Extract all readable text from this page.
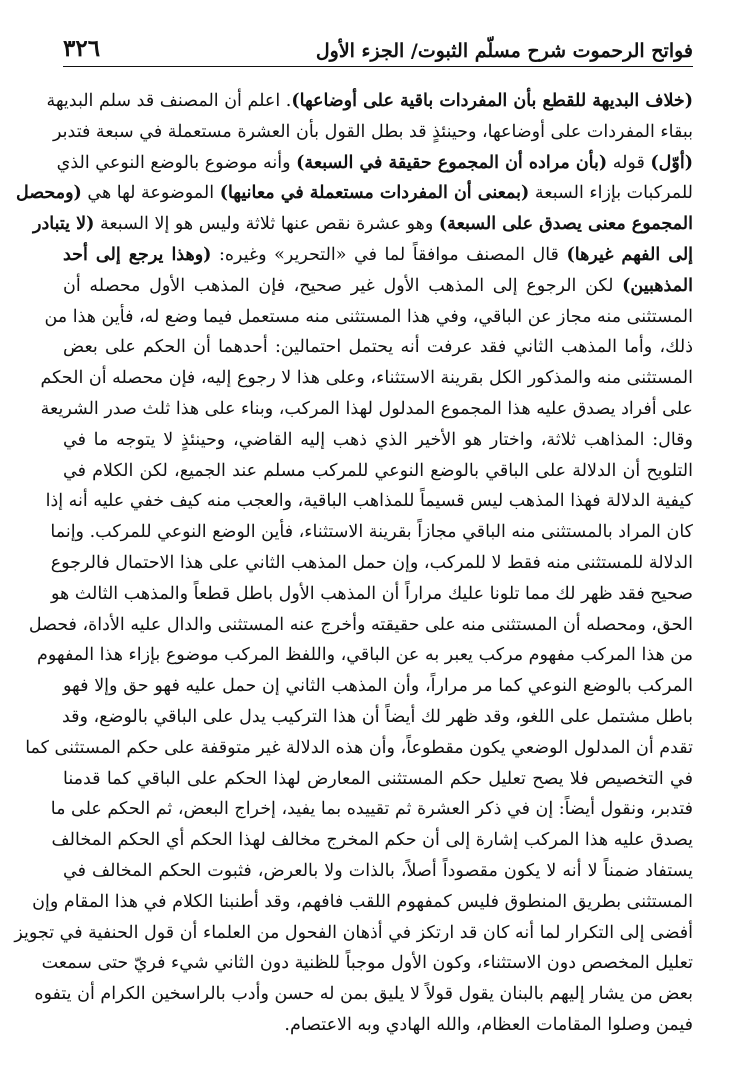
فواتح الرحموت شرح مسلّم الثبوت/ الجزء الأول
٣٢٦
(خلاف البديهة للقطع بأن المفردات باقية على أوضاعها). اعلم أن المصنف قد سلم البديهة
ببقاء المفردات على أوضاعها، وحينئذٍ قد بطل القول بأن العشرة مستعملة في سبعة فتدبر
(أوّل) قوله (بأن مراده أن المجموع حقيقة في السبعة) وأنه موضوع بالوضع النوعي الذي
للمركبات بإزاء السبعة (بمعنى أن المفردات مستعملة في معانيها) الموضوعة لها هي (ومحصل
المجموع معنى يصدق على السبعة) وهو عشرة نقص عنها ثلاثة وليس هو إلا السبعة (لا يتبادر
إلى الفهم غيرها) قال المصنف موافقاً لما في «التحرير» وغيره: (وهذا يرجع إلى أحد
المذهبين) لكن الرجوع إلى المذهب الأول غير صحيح، فإن المذهب الأول محصله أن
المستثنى منه مجاز عن الباقي، وفي هذا المستثنى منه مستعمل فيما وضع له، فأين هذا من
ذلك، وأما المذهب الثاني فقد عرفت أنه يحتمل احتمالين: أحدهما أن الحكم على بعض
المستثنى منه والمذكور الكل بقرينة الاستثناء، وعلى هذا لا رجوع إليه، فإن محصله أن الحكم
على أفراد يصدق عليه هذا المجموع المدلول لهذا المركب، وبناء على هذا ثلث صدر الشريعة
وقال: المذاهب ثلاثة، واختار هو الأخير الذي ذهب إليه القاضي، وحينئذٍ لا يتوجه ما في
التلويح أن الدلالة على الباقي بالوضع النوعي للمركب مسلم عند الجميع، لكن الكلام في
كيفية الدلالة فهذا المذهب ليس قسيماً للمذاهب الباقية، والعجب منه كيف خفي عليه أنه إذا
كان المراد بالمستثنى منه الباقي مجازاً بقرينة الاستثناء، فأين الوضع النوعي للمركب. وإنما
الدلالة للمستثنى منه فقط لا للمركب، وإن حمل المذهب الثاني على هذا الاحتمال فالرجوع
صحيح فقد ظهر لك مما تلونا عليك مراراً أن المذهب الأول باطل قطعاً والمذهب الثالث هو
الحق، ومحصله أن المستثنى منه على حقيقته وأخرج عنه المستثنى والدال عليه الأداة، فحصل
من هذا المركب مفهوم مركب يعبر به عن الباقي، واللفظ المركب موضوع بإزاء هذا المفهوم
المركب بالوضع النوعي كما مر مراراً، وأن المذهب الثاني إن حمل عليه فهو حق وإلا فهو
باطل مشتمل على اللغو، وقد ظهر لك أيضاً أن هذا التركيب يدل على الباقي بالوضع، وقد
تقدم أن المدلول الوضعي يكون مقطوعاً، وأن هذه الدلالة غير متوقفة على حكم المستثنى كما
في التخصيص فلا يصح تعليل حكم المستثنى المعارض لهذا الحكم على الباقي كما قدمنا
فتدبر، ونقول أيضاً: إن في ذكر العشرة ثم تقييده بما يفيد، إخراج البعض، ثم الحكم على ما
يصدق عليه هذا المركب إشارة إلى أن حكم المخرج مخالف لهذا الحكم أي الحكم المخالف
يستفاد ضمناً لا أنه لا يكون مقصوداً أصلاً، بالذات ولا بالعرض، فثبوت الحكم المخالف في
المستثنى بطريق المنطوق فليس كمفهوم اللقب فافهم، وقد أطنبنا الكلام في هذا المقام وإن
أفضى إلى التكرار لما أنه كان قد ارتكز في أذهان الفحول من العلماء أن قول الحنفية في تجويز
تعليل المخصص دون الاستثناء، وكون الأول موجباً للظنية دون الثاني شيء فريّ حتى سمعت
بعض من يشار إليهم بالبنان يقول قولاً لا يليق بمن له حسن وأدب بالراسخين الكرام أن يتفوه
فيمن وصلوا المقامات العظام، والله الهادي وبه الاعتصام.
